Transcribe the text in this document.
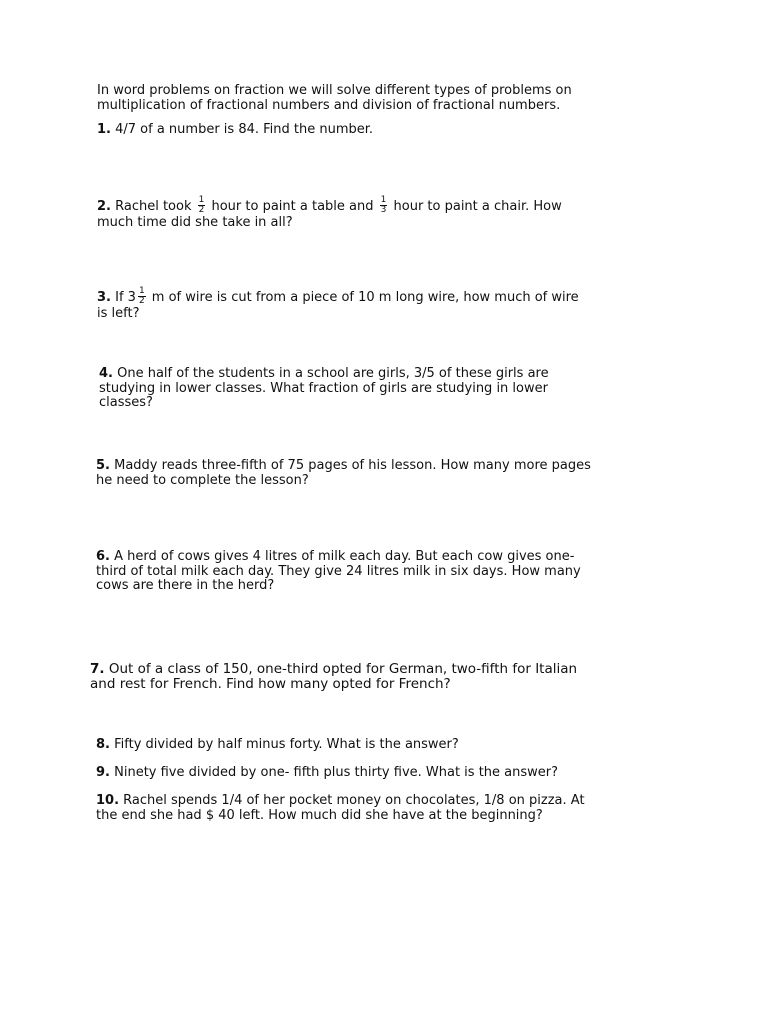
In word problems on fraction we will solve different types of problems on
multiplication of fractional numbers and division of fractional numbers.
1. 4/7 of a number is 84. Find the number.
2. Rachel took $\frac{1}{2}$ hour to paint a table and $\frac{1}{3}$ hour to paint a chair. How
much time did she take in all?
3. If $3 \frac{1}{2}$ m of wire is cut from a piece of 10 m long wire, how much of wire
is left?
4. One half of the students in a school are girls, 3/5 of these girls are
studying in lower classes. What fraction of girls are studying in lower
classes?
5. Maddy reads three-fifth of 75 pages of his lesson. How many more pages
he need to complete the lesson?
6. A herd of cows gives 4 litres of milk each day. But each cow gives one-
third of total milk each day. They give 24 litres milk in six days. How many
cows are there in the herd?
7. Out of a class of 150, one-third opted for German, two-fifth for Italian
and rest for French. Find how many opted for French?
8. Fifty divided by half minus forty. What is the answer?
9. Ninety five divided by one- fifth plus thirty five. What is the answer?
10. Rachel spends 1/4 of her pocket money on chocolates, 1/8 on pizza. At
the end she had $ 40 left. How much did she have at the beginning?
